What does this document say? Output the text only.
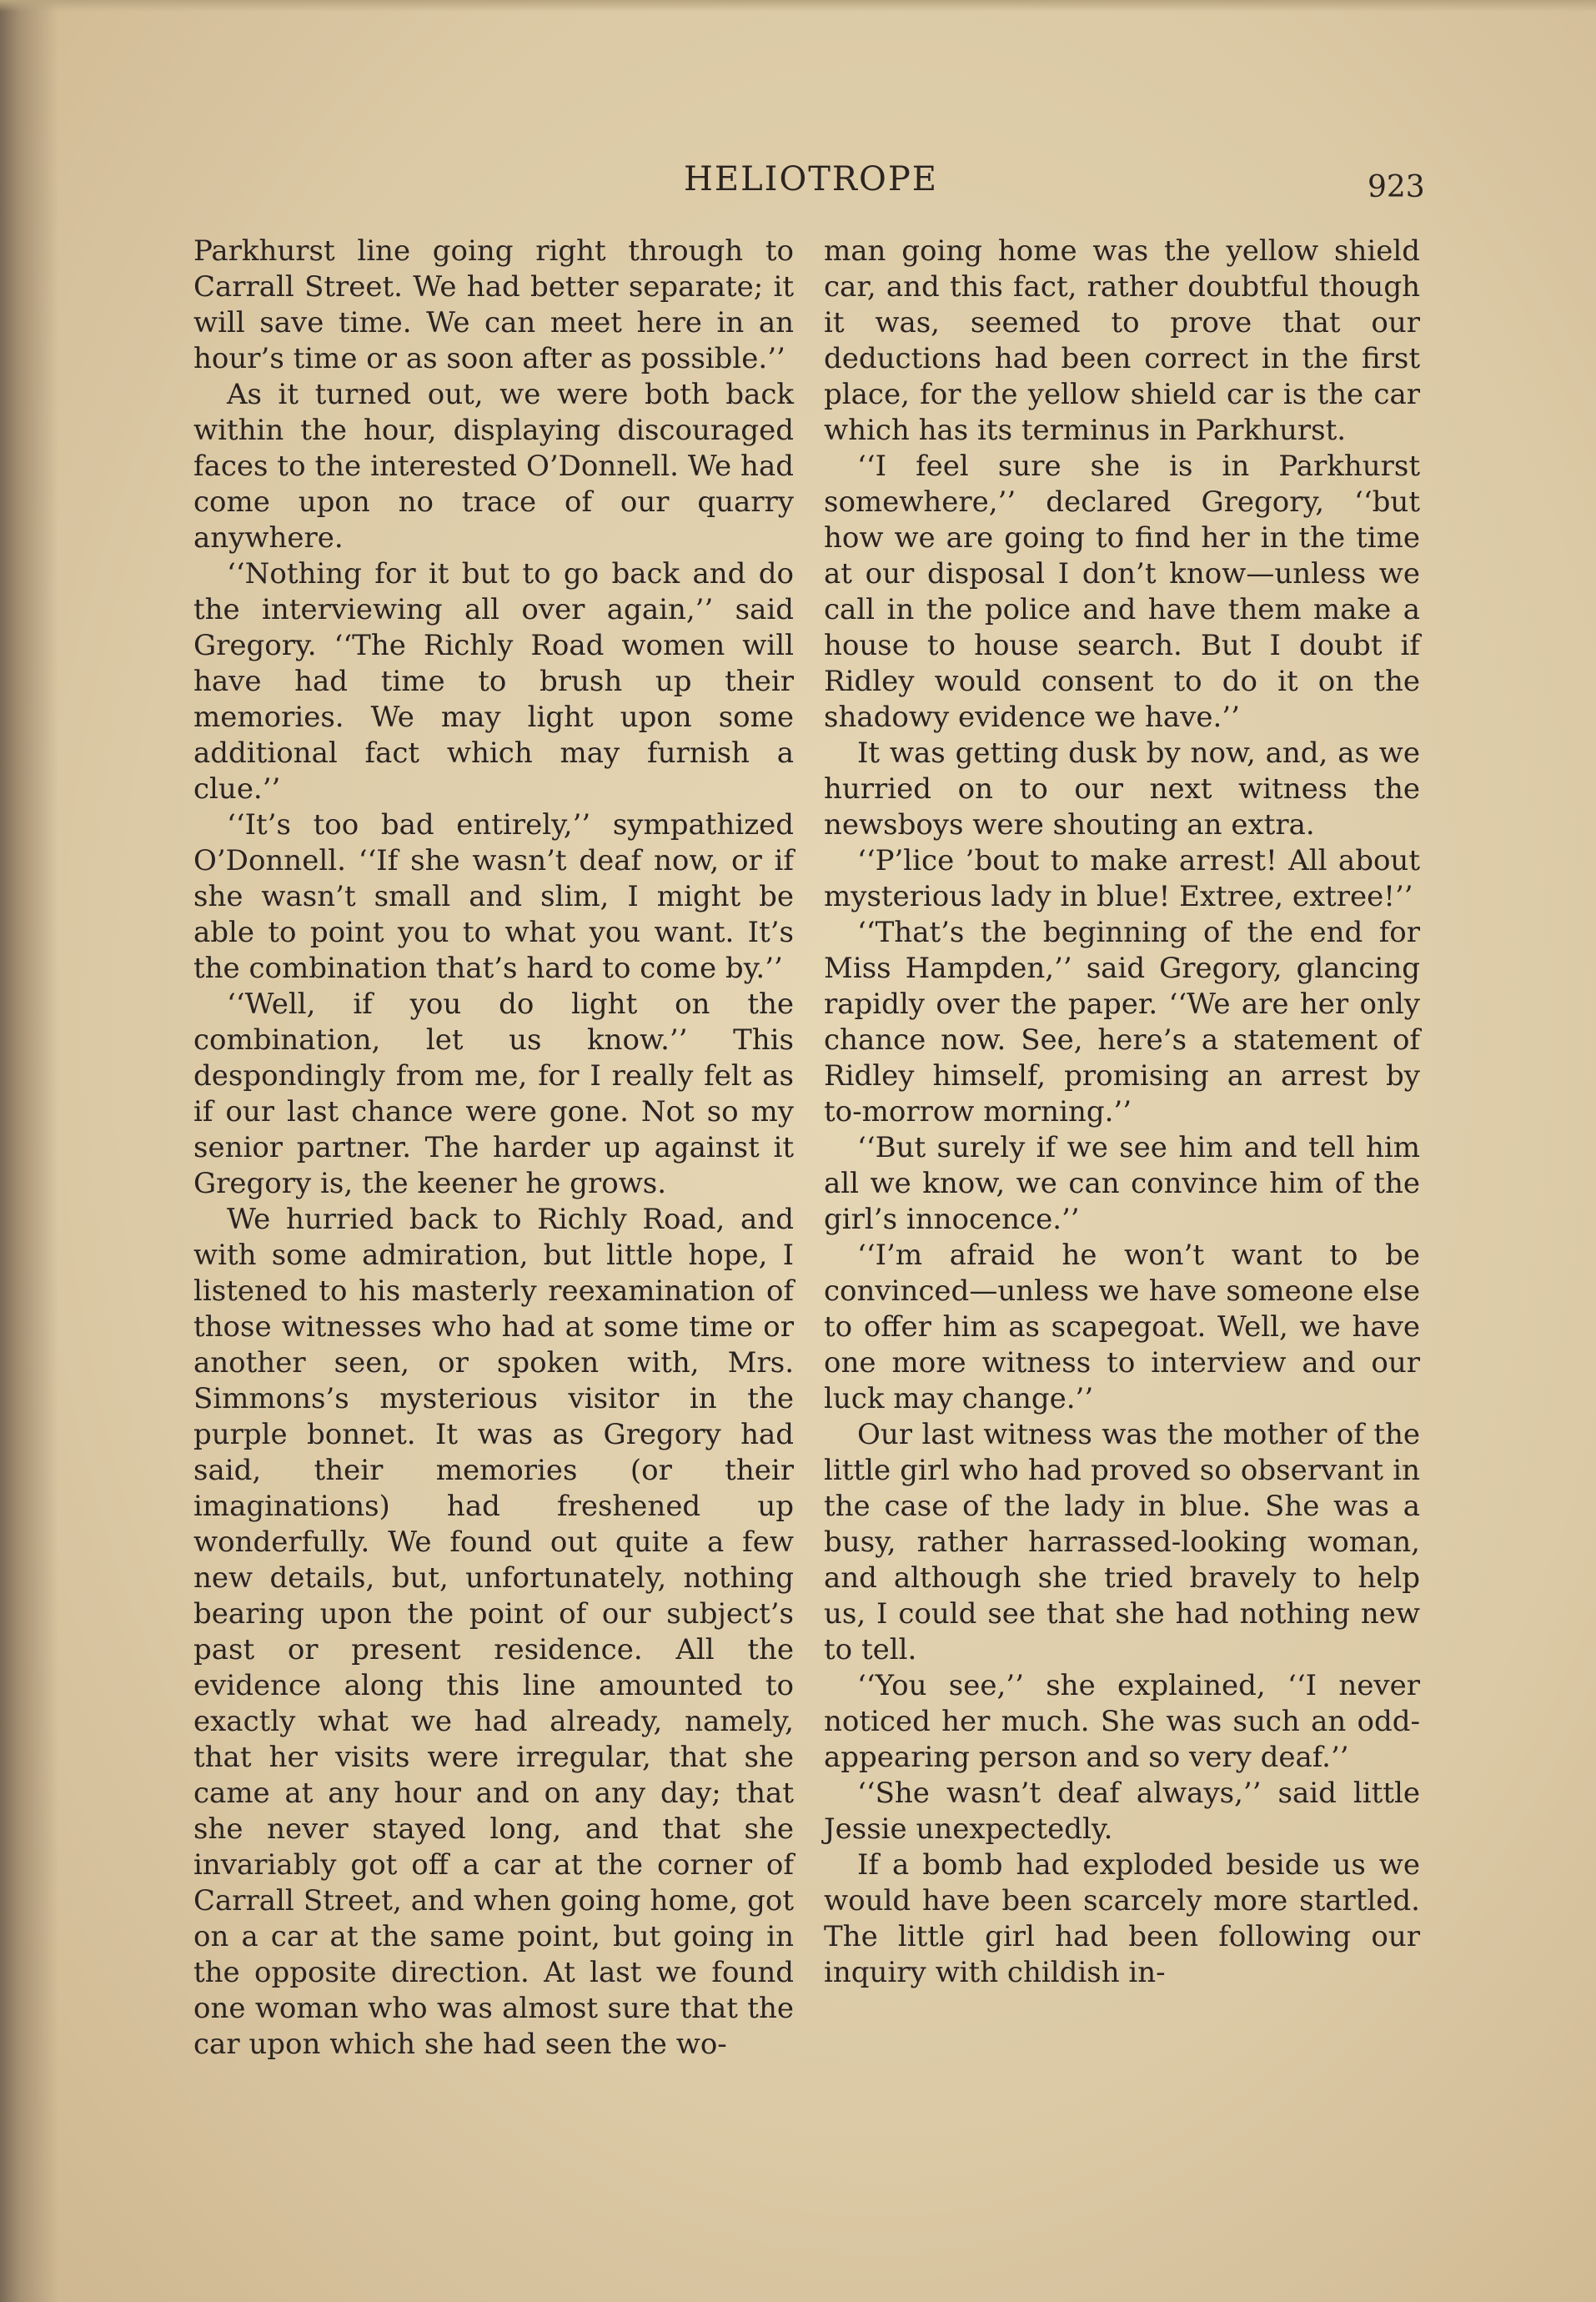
HELIOTROPE	923

Parkhurst line going right through to Carrall Street. We had better separate; it will save time. We can meet here in an hour’s time or as soon after as possible.’’

As it turned out, we were both back within the hour, displaying discouraged faces to the interested O’Donnell. We had come upon no trace of our quarry anywhere.

‘‘Nothing for it but to go back and do the interviewing all over again,’’ said Gregory. ‘‘The Richly Road women will have had time to brush up their memories. We may light upon some additional fact which may furnish a clue.’’

‘‘It’s too bad entirely,’’ sympathized O’Donnell. ‘‘If she wasn’t deaf now, or if she wasn’t small and slim, I might be able to point you to what you want. It’s the combination that’s hard to come by.’’

‘‘Well, if you do light on the combination, let us know.’’ This despondingly from me, for I really felt as if our last chance were gone. Not so my senior partner. The harder up against it Gregory is, the keener he grows.

We hurried back to Richly Road, and with some admiration, but little hope, I listened to his masterly reexamination of those witnesses who had at some time or another seen, or spoken with, Mrs. Simmons’s mysterious visitor in the purple bonnet. It was as Gregory had said, their memories (or their imaginations) had freshened up wonderfully. We found out quite a few new details, but, unfortunately, nothing bearing upon the point of our subject’s past or present residence. All the evidence along this line amounted to exactly what we had already, namely, that her visits were irregular, that she came at any hour and on any day; that she never stayed long, and that she invariably got off a car at the corner of Carrall Street, and when going home, got on a car at the same point, but going in the opposite direction. At last we found one woman who was almost sure that the car upon which she had seen the wo-

man going home was the yellow shield car, and this fact, rather doubtful though it was, seemed to prove that our deductions had been correct in the first place, for the yellow shield car is the car which has its terminus in Parkhurst.

‘‘I feel sure she is in Parkhurst somewhere,’’ declared Gregory, ‘‘but how we are going to find her in the time at our disposal I don’t know—unless we call in the police and have them make a house to house search. But I doubt if Ridley would consent to do it on the shadowy evidence we have.’’

It was getting dusk by now, and, as we hurried on to our next witness the newsboys were shouting an extra.

‘‘P’lice ’bout to make arrest! All about mysterious lady in blue! Extree, extree!’’

‘‘That’s the beginning of the end for Miss Hampden,’’ said Gregory, glancing rapidly over the paper. ‘‘We are her only chance now. See, here’s a statement of Ridley himself, promising an arrest by to-morrow morning.’’

‘‘But surely if we see him and tell him all we know, we can convince him of the girl’s innocence.’’

‘‘I’m afraid he won’t want to be convinced—unless we have someone else to offer him as scapegoat. Well, we have one more witness to interview and our luck may change.’’

Our last witness was the mother of the little girl who had proved so observant in the case of the lady in blue. She was a busy, rather harrassed-looking woman, and although she tried bravely to help us, I could see that she had nothing new to tell.

‘‘You see,’’ she explained, ‘‘I never noticed her much. She was such an odd-appearing person and so very deaf.’’

‘‘She wasn’t deaf always,’’ said little Jessie unexpectedly.

If a bomb had exploded beside us we would have been scarcely more startled. The little girl had been following our inquiry with childish in-
